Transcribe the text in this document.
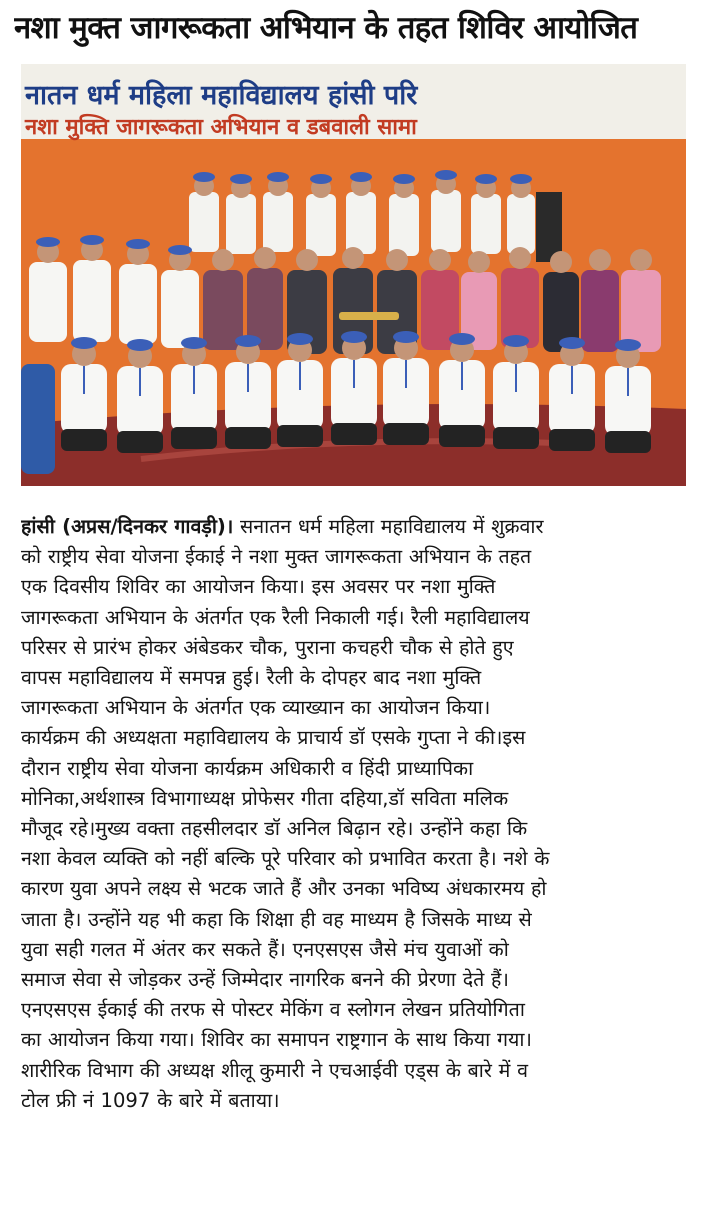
नशा मुक्त जागरूकता अभियान के तहत शिविर आयोजित
नातन धर्म महिला महाविद्यालय हांसी परि
नशा मुक्ति जागरूकता अभियान व डबवाली सामा
हांसी (अप्रस/दिनकर गावड़ी)। सनातन धर्म महिला महाविद्यालय में शुक्रवार
को राष्ट्रीय सेवा योजना ईकाई ने नशा मुक्त जागरूकता अभियान के तहत
एक दिवसीय शिविर का आयोजन किया। इस अवसर पर नशा मुक्ति
जागरूकता अभियान के अंतर्गत एक रैली निकाली गई। रैली महाविद्यालय
परिसर से प्रारंभ होकर अंबेडकर चौक, पुराना कचहरी चौक से होते हुए
वापस महाविद्यालय में समपन्न हुई। रैली के दोपहर बाद नशा मुक्ति
जागरूकता अभियान के अंतर्गत एक व्याख्यान का आयोजन किया।
कार्यक्रम की अध्यक्षता महाविद्यालय के प्राचार्य डॉ एसके गुप्ता ने की।इस
दौरान राष्ट्रीय सेवा योजना कार्यक्रम अधिकारी व हिंदी प्राध्यापिका
मोनिका,अर्थशास्त्र विभागाध्यक्ष प्रोफेसर गीता दहिया,डॉ सविता मलिक
मौजूद रहे।मुख्य वक्ता तहसीलदार डॉ अनिल बिढ़ान रहे। उन्होंने कहा कि
नशा केवल व्यक्ति को नहीं बल्कि पूरे परिवार को प्रभावित करता है। नशे के
कारण युवा अपने लक्ष्य से भटक जाते हैं और उनका भविष्य अंधकारमय हो
जाता है। उन्होंने यह भी कहा कि शिक्षा ही वह माध्यम है जिसके माध्य से
युवा सही गलत में अंतर कर सकते हैं। एनएसएस जैसे मंच युवाओं को
समाज सेवा से जोड़कर उन्हें जिम्मेदार नागरिक बनने की प्रेरणा देते हैं।
एनएसएस ईकाई की तरफ से पोस्टर मेकिंग व स्लोगन लेखन प्रतियोगिता
का आयोजन किया गया। शिविर का समापन राष्ट्रगान के साथ किया गया।
शारीरिक विभाग की अध्यक्ष शीलू कुमारी ने एचआईवी एड्स के बारे में व
टोल फ्री नं 1097 के बारे में बताया।
